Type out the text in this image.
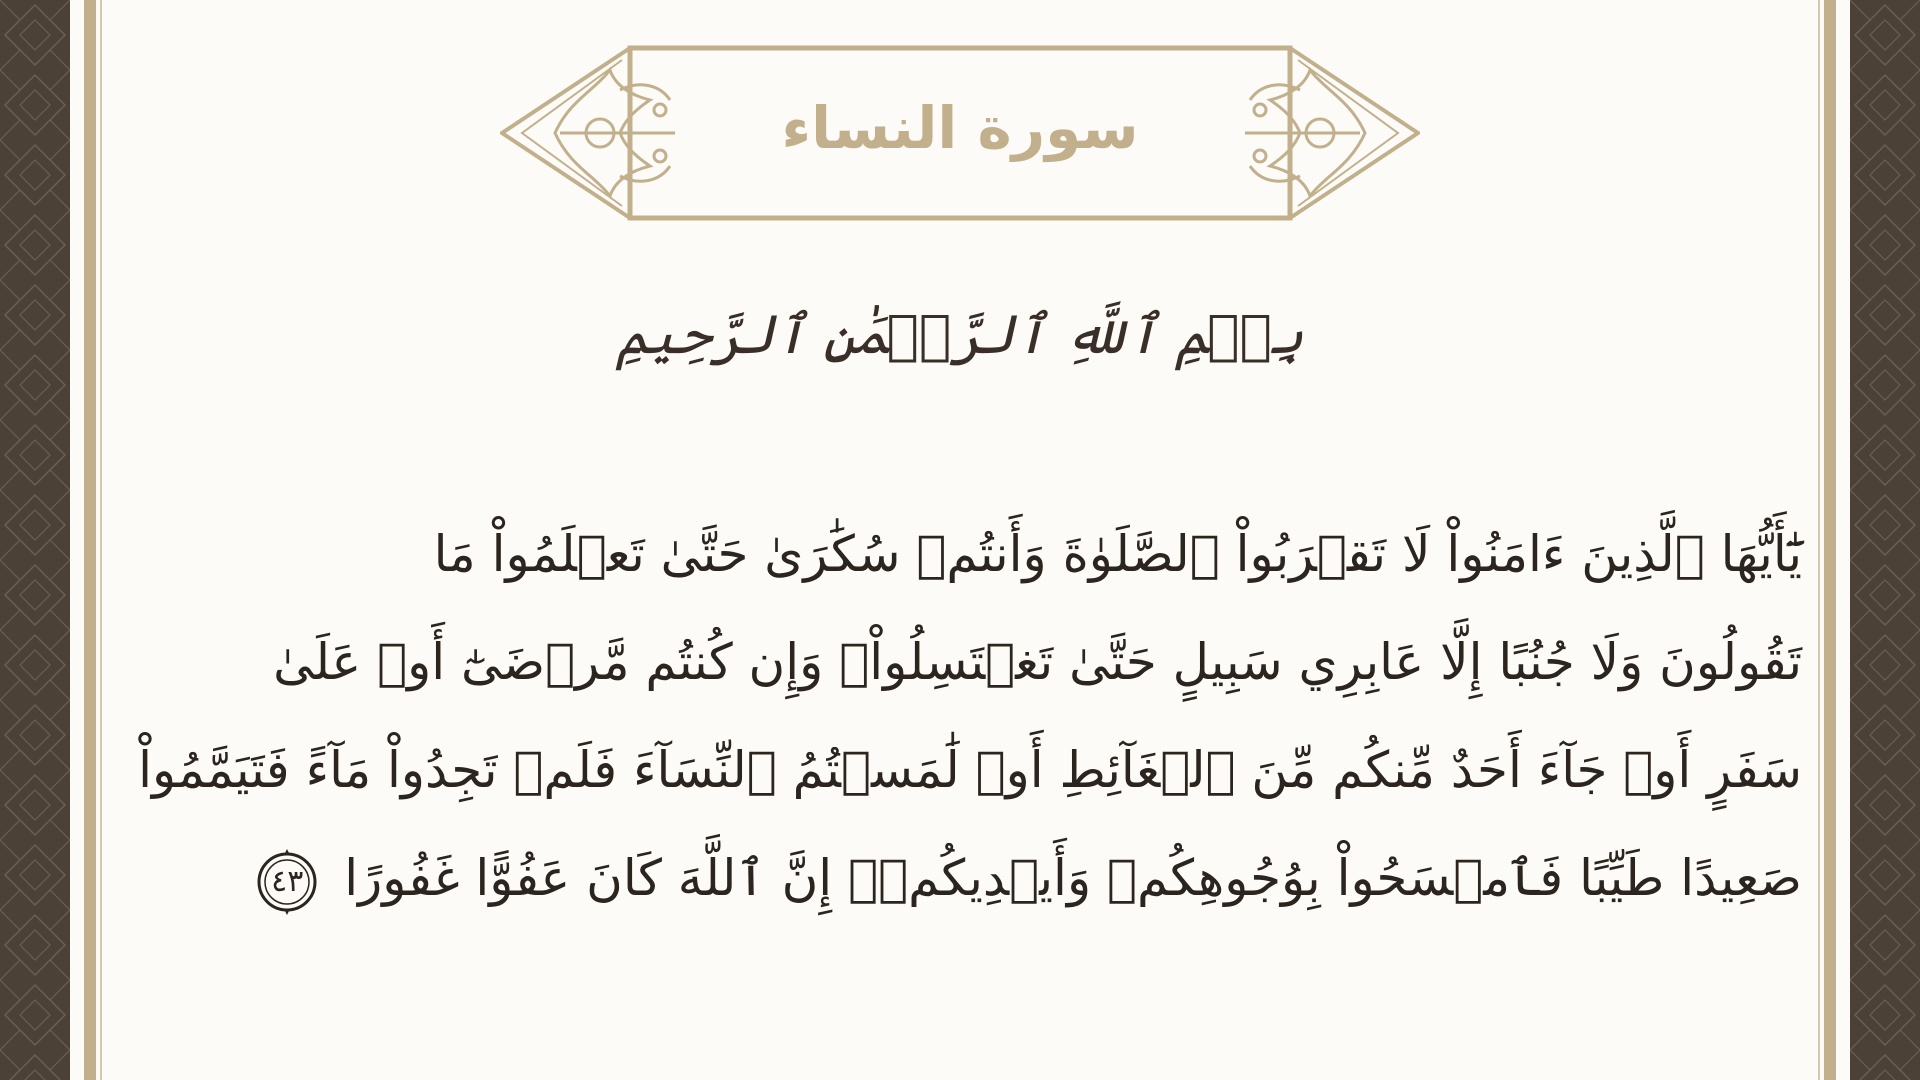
سورة النساء
بِسۡمِ ٱللَّهِ ٱلرَّحۡمَٰنِ ٱلرَّحِيمِ
يَٰٓأَيُّهَا ٱلَّذِينَ ءَامَنُواْ لَا تَقۡرَبُواْ ٱلصَّلَوٰةَ وَأَنتُمۡ سُكَٰرَىٰ حَتَّىٰ تَعۡلَمُواْ مَا
تَقُولُونَ وَلَا جُنُبًا إِلَّا عَابِرِي سَبِيلٍ حَتَّىٰ تَغۡتَسِلُواْۚ وَإِن كُنتُم مَّرۡضَىٰٓ أَوۡ عَلَىٰ
سَفَرٍ أَوۡ جَآءَ أَحَدٌ مِّنكُم مِّنَ ٱلۡغَآئِطِ أَوۡ لَٰمَسۡتُمُ ٱلنِّسَآءَ فَلَمۡ تَجِدُواْ مَآءً فَتَيَمَّمُواْ
صَعِيدًا طَيِّبًا فَٱمۡسَحُواْ بِوُجُوهِكُمۡ وَأَيۡدِيكُمۡۗ إِنَّ ٱللَّهَ كَانَ عَفُوًّا غَفُورًا
٤٣
